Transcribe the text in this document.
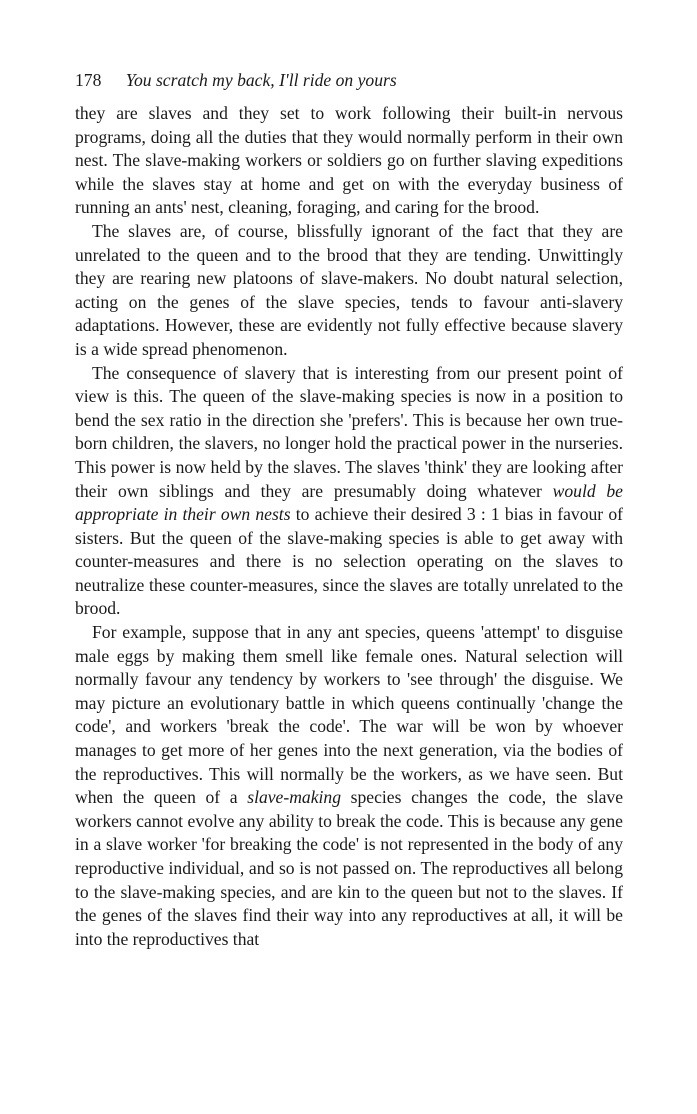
178 You scratch my back, I'll ride on yours

they are slaves and they set to work following their built-in nervous programs, doing all the duties that they would normally perform in their own nest. The slave-making workers or soldiers go on further slaving expeditions while the slaves stay at home and get on with the everyday business of running an ants' nest, cleaning, foraging, and caring for the brood.

The slaves are, of course, blissfully ignorant of the fact that they are unrelated to the queen and to the brood that they are tending. Unwittingly they are rearing new platoons of slave-makers. No doubt natural selection, acting on the genes of the slave species, tends to favour anti-slavery adaptations. However, these are evidently not fully effective because slavery is a wide spread phenomenon.

The consequence of slavery that is interesting from our present point of view is this. The queen of the slave-making species is now in a position to bend the sex ratio in the direction she 'prefers'. This is because her own true-born children, the slavers, no longer hold the practical power in the nurseries. This power is now held by the slaves. The slaves 'think' they are looking after their own siblings and they are presumably doing whatever would be appropriate in their own nests to achieve their desired 3 : 1 bias in favour of sisters. But the queen of the slave-making species is able to get away with counter-measures and there is no selection operating on the slaves to neutralize these counter-measures, since the slaves are totally unrelated to the brood.

For example, suppose that in any ant species, queens 'attempt' to disguise male eggs by making them smell like female ones. Natural selection will normally favour any tendency by workers to 'see through' the disguise. We may picture an evolutionary battle in which queens continually 'change the code', and workers 'break the code'. The war will be won by whoever manages to get more of her genes into the next generation, via the bodies of the reproductives. This will normally be the workers, as we have seen. But when the queen of a slave-making species changes the code, the slave workers cannot evolve any ability to break the code. This is because any gene in a slave worker 'for breaking the code' is not represented in the body of any reproductive individual, and so is not passed on. The reproductives all belong to the slave-making species, and are kin to the queen but not to the slaves. If the genes of the slaves find their way into any reproductives at all, it will be into the reproductives that
